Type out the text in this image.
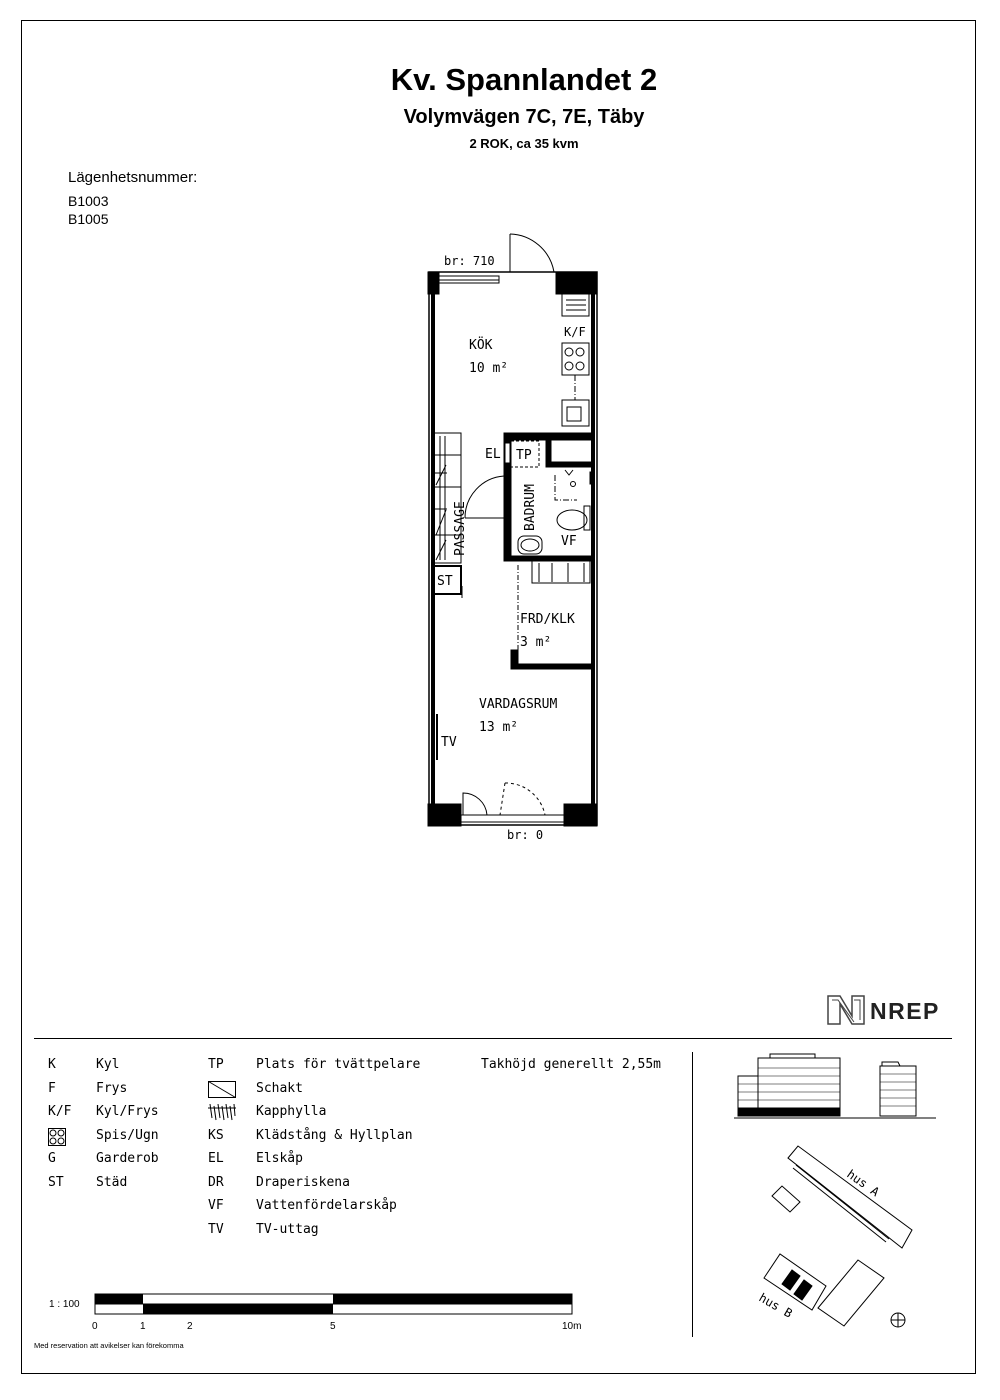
Kv. Spannlandet 2
Volymvägen 7C, 7E, Täby
2 ROK, ca 35 kvm
Lägenhetsnummer:
B1003
B1005
br: 710
br: 0
K/F
KÖK
10 m²
EL TP
PASSAGE	BADRUM
VF
ST
FRD/KLK
3 m²
VARDAGSRUM
13 m²
TV
NREP
K	Kyl
F	Frys
K/F	Kyl/Frys
Spis/Ugn
G	Garderob
ST	Städ
TP	Plats för tvättpelare
Schakt
Kapphylla
KS	Klädstång & Hyllplan
EL	Elskåp
DR	Draperiskena
VF	Vattenfördelarskåp
TV	TV-uttag
Takhöjd generellt 2,55m
1 : 100
0	1	2	5	10m
Med reservation att avikelser kan förekomma
hus A
hus B
